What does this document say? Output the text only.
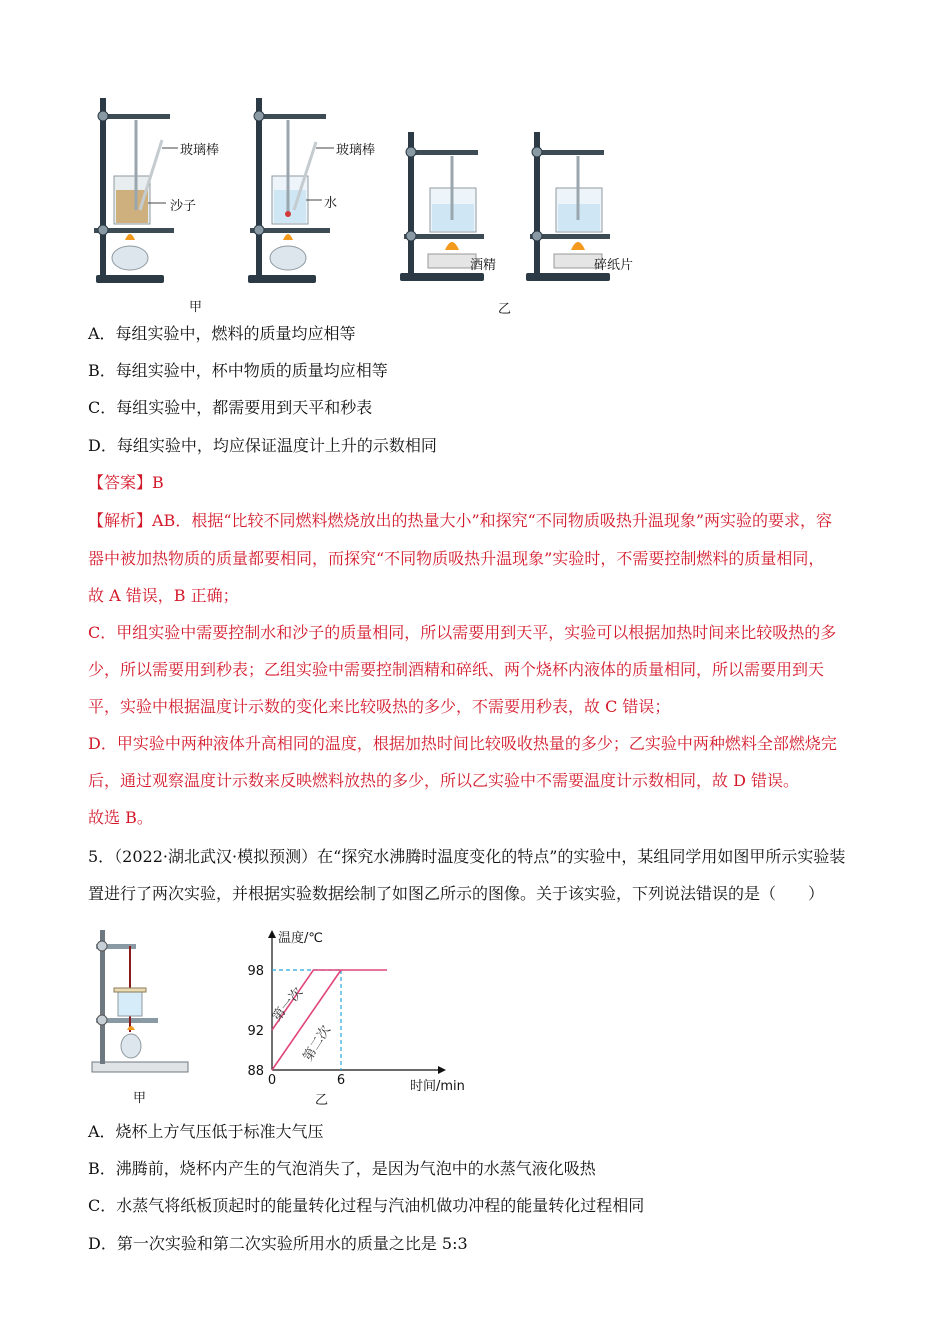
玻璃棒
沙子
玻璃棒
水
酒精	碎纸片
甲	乙
A．每组实验中，燃料的质量均应相等
B．每组实验中，杯中物质的质量均应相等
C．每组实验中，都需要用到天平和秒表
D．每组实验中，均应保证温度计上升的示数相同
【答案】B
【解析】AB．根据“比较不同燃料燃烧放出的热量大小”和探究“不同物质吸热升温现象”两实验的要求，容
器中被加热物质的质量都要相同，而探究“不同物质吸热升温现象”实验时，不需要控制燃料的质量相同，
故 A 错误，B 正确；
C．甲组实验中需要控制水和沙子的质量相同，所以需要用到天平，实验可以根据加热时间来比较吸热的多
少，所以需要用到秒表；乙组实验中需要控制酒精和碎纸、两个烧杯内液体的质量相同，所以需要用到天
平，实验中根据温度计示数的变化来比较吸热的多少，不需要用秒表，故 C 错误；
D．甲实验中两种液体升高相同的温度，根据加热时间比较吸收热量的多少；乙实验中两种燃料全部燃烧完
后，通过观察温度计示数来反映燃料放热的多少，所以乙实验中不需要温度计示数相同，故 D 错误。
故选 B。
5．（2022·湖北武汉·模拟预测）在“探究水沸腾时温度变化的特点”的实验中，某组同学用如图甲所示实验装
置进行了两次实验，并根据实验数据绘制了如图乙所示的图像。关于该实验，下列说法错误的是（　　）
甲
第一次
第二次
98
92
88
0	6
温度/℃
时间/min
乙
A．烧杯上方气压低于标准大气压
B．沸腾前，烧杯内产生的气泡消失了，是因为气泡中的水蒸气液化吸热
C．水蒸气将纸板顶起时的能量转化过程与汽油机做功冲程的能量转化过程相同
D．第一次实验和第二次实验所用水的质量之比是 5:3
